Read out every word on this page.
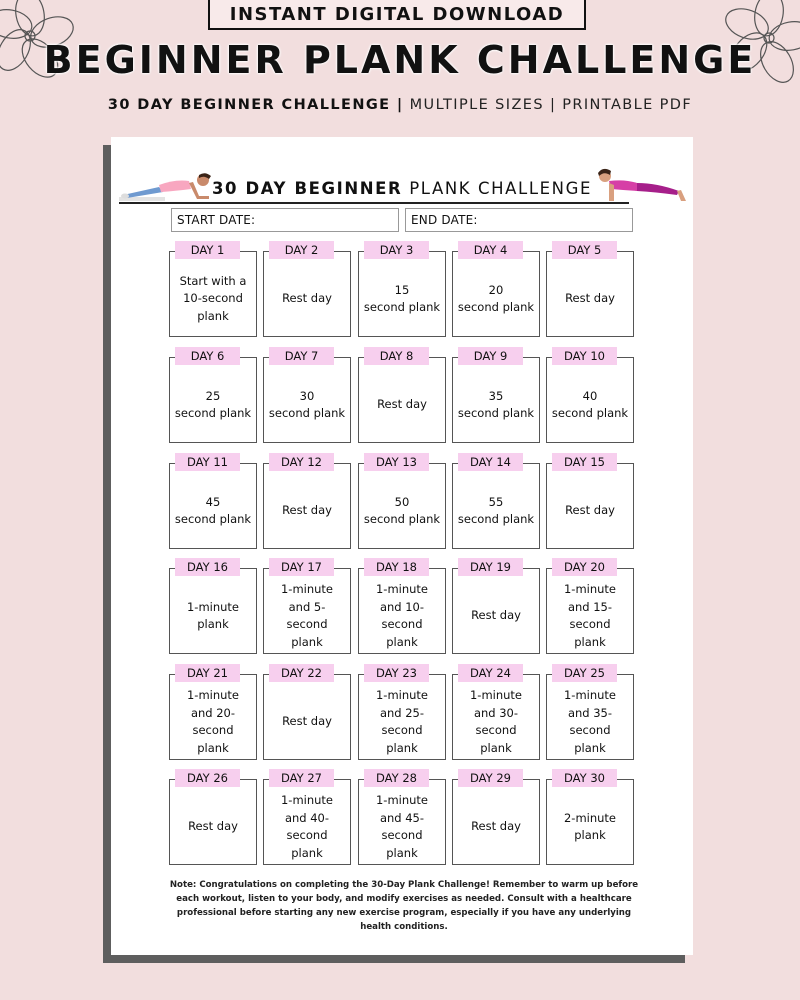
INSTANT DIGITAL DOWNLOAD
BEGINNER PLANK CHALLENGE
30 DAY BEGINNER CHALLENGE | MULTIPLE SIZES | PRINTABLE PDF
30 DAY BEGINNER PLANK CHALLENGE
START DATE:	END DATE:
DAY 1
Start with a
10-second
plank
DAY 2
Rest day
DAY 3
15
second plank
DAY 4
20
second plank
DAY 5
Rest day
DAY 6
25
second plank
DAY 7
30
second plank
DAY 8
Rest day
DAY 9
35
second plank
DAY 10
40
second plank
DAY 11
45
second plank
DAY 12
Rest day
DAY 13
50
second plank
DAY 14
55
second plank
DAY 15
Rest day
DAY 16
1-minute
plank
DAY 17
1-minute
and 5-
second
plank
DAY 18
1-minute
and 10-
second
plank
DAY 19
Rest day
DAY 20
1-minute
and 15-
second
plank
DAY 21
1-minute
and 20-
second
plank
DAY 22
Rest day
DAY 23
1-minute
and 25-
second
plank
DAY 24
1-minute
and 30-
second
plank
DAY 25
1-minute
and 35-
second
plank
DAY 26
Rest day
DAY 27
1-minute
and 40-
second
plank
DAY 28
1-minute
and 45-
second
plank
DAY 29
Rest day
DAY 30
2-minute
plank
Note: Congratulations on completing the 30-Day Plank Challenge! Remember to warm up before each workout, listen to your body, and modify exercises as needed. Consult with a healthcare professional before starting any new exercise program, especially if you have any underlying health conditions.
